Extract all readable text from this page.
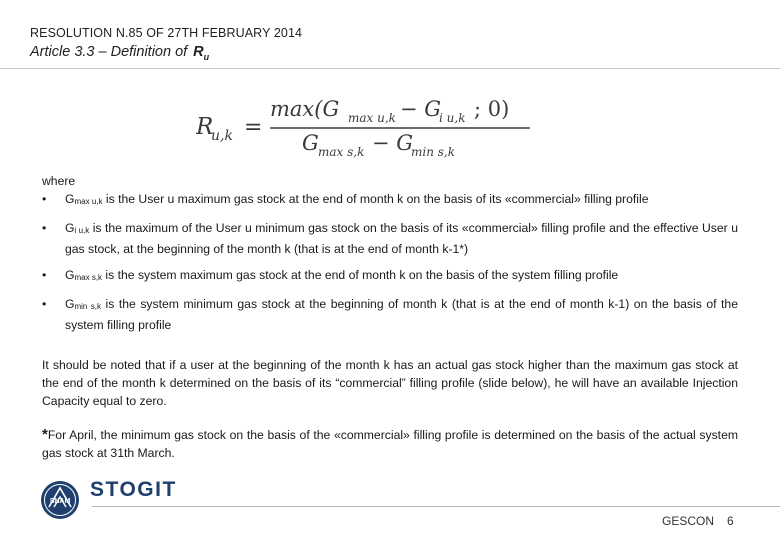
RESOLUTION N.85 OF 27TH FEBRUARY 2014
Article 3.3 – Definition of $R_u$
R
u,k =
max(G max u,k − G
i u,k ; 0)
G max s,k − G
min s,k

where

• $G_{max u,k}$ is the User u maximum gas stock at the end of month k on the basis of its «commercial» filling profile
• $G_{i u,k}$ is the maximum of the User u minimum gas stock on the basis of its «commercial» filling profile and the effective User u gas stock, at the beginning of the month k (that is at the end of month k-1*)
• $G_{max s,k}$ is the system maximum gas stock at the end of month k on the basis of the system filling profile
• $G_{min s,k}$ is the system minimum gas stock at the beginning of month k (that is at the end of month k-1) on the basis of the system filling profile

It should be noted that if a user at the beginning of the month k has an actual gas stock higher than the maximum gas stock at the end of the month k determined on the basis of its “commercial” filling profile (slide below), he will have an available Injection Capacity equal to zero.

*For April, the minimum gas stock on the basis of the «commercial» filling profile is determined on the basis of the actual system gas stock at 31th March.

SNAM
STOGIT
GESCON 6
